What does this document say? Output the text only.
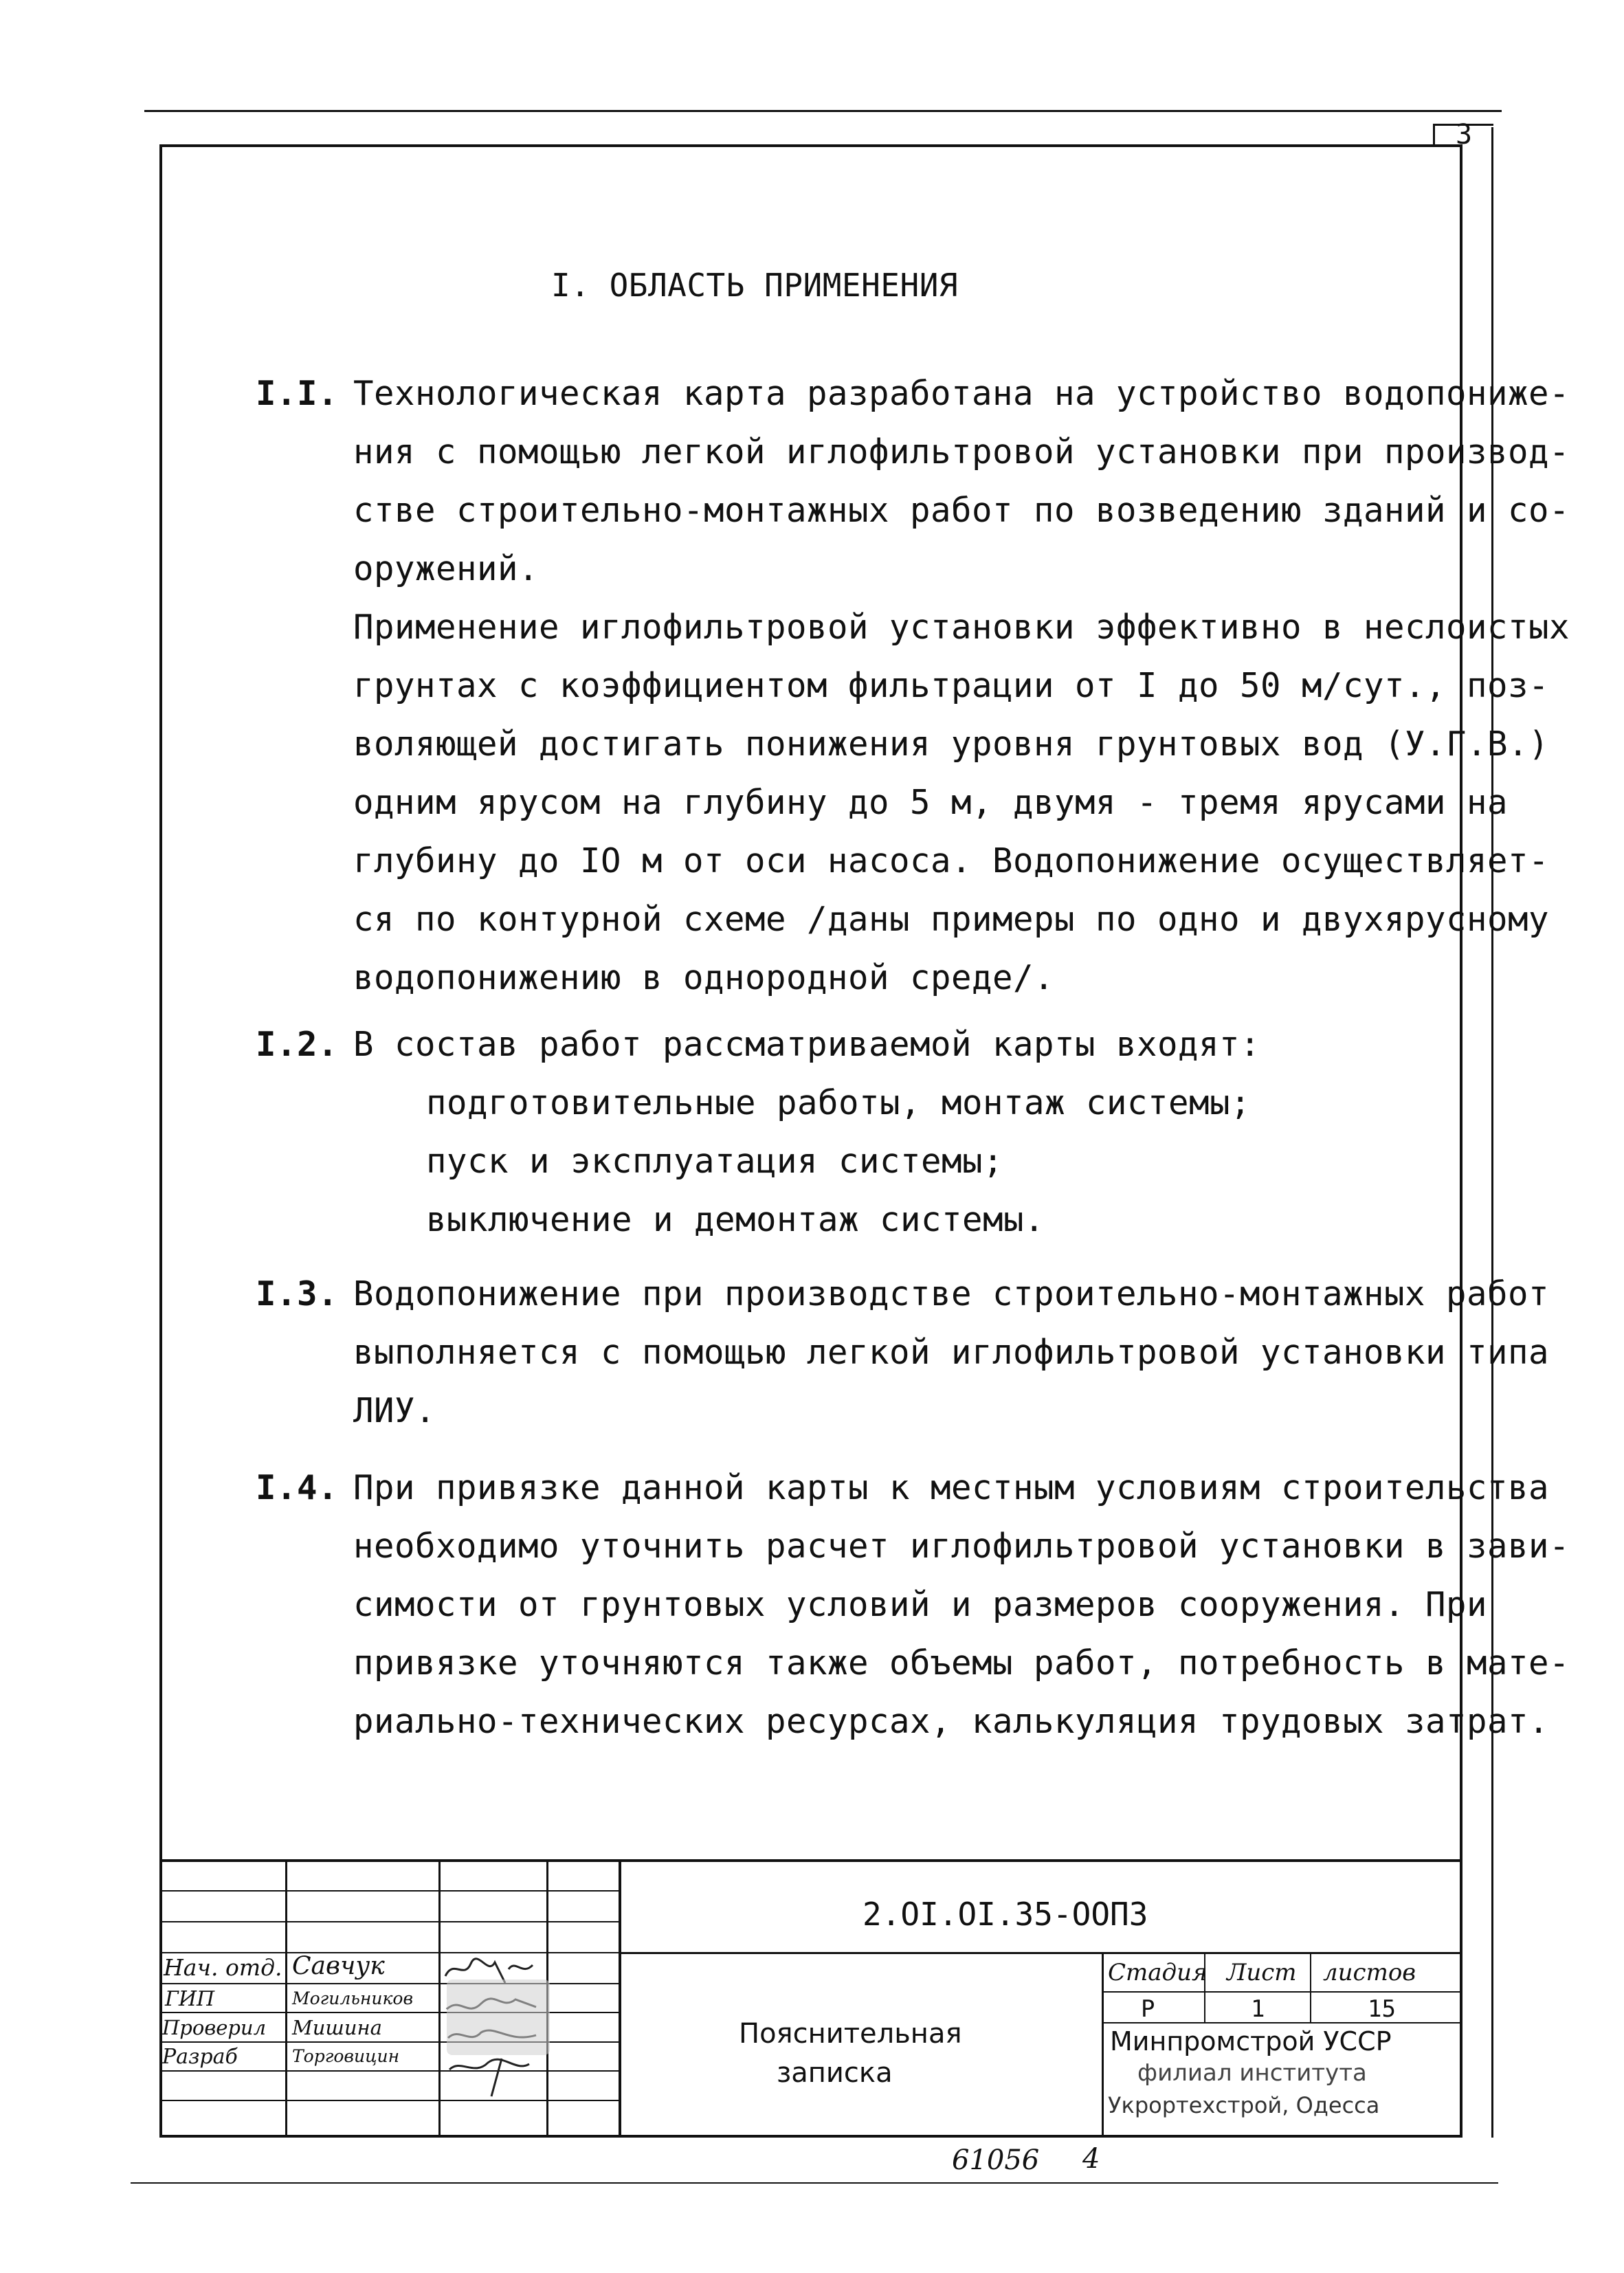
3
I. ОБЛАСТЬ ПРИМЕНЕНИЯ
I.I.
I.2.
I.3.
I.4.
Технологическая карта разработана на устройство водопониже-
ния с помощью легкой иглофильтровой установки при производ-
стве строительно-монтажных работ по возведению зданий и со-
оружений.
Применение иглофильтровой установки эффективно в неслоистых
грунтах с коэффициентом фильтрации от I до 50 м/сут., поз-
воляющей достигать понижения уровня грунтовых вод (У.Г.В.)
одним ярусом на глубину до 5 м, двумя - тремя ярусами на
глубину до IO м от оси насоса. Водопонижение осуществляет-
ся по контурной схеме /даны примеры по одно и двухярусному
водопонижению в однородной среде/.
В состав работ рассматриваемой карты входят:
подготовительные работы, монтаж системы;
пуск и эксплуатация системы;
выключение и демонтаж системы.
Водопонижение при производстве строительно-монтажных работ
выполняется с помощью легкой иглофильтровой установки типа
ЛИУ.
При привязке данной карты к местным условиям строительства
необходимо уточнить расчет иглофильтровой установки в зави-
симости от грунтовых условий и размеров сооружения. При
привязке уточняются также объемы работ, потребность в мате-
риально-технических ресурсах, калькуляция трудовых затрат.
2.OI.OI.35-OOПЗ
Нач. отд. Савчук
ГИП	Могильников
Проверил Мишина
Разраб	Торговицин
Пояснительная
записка
Стадия Лист листов
Р	1	15
Минпромстрой УССР
филиал института
Укрортехстрой, Одесса
61056 4
